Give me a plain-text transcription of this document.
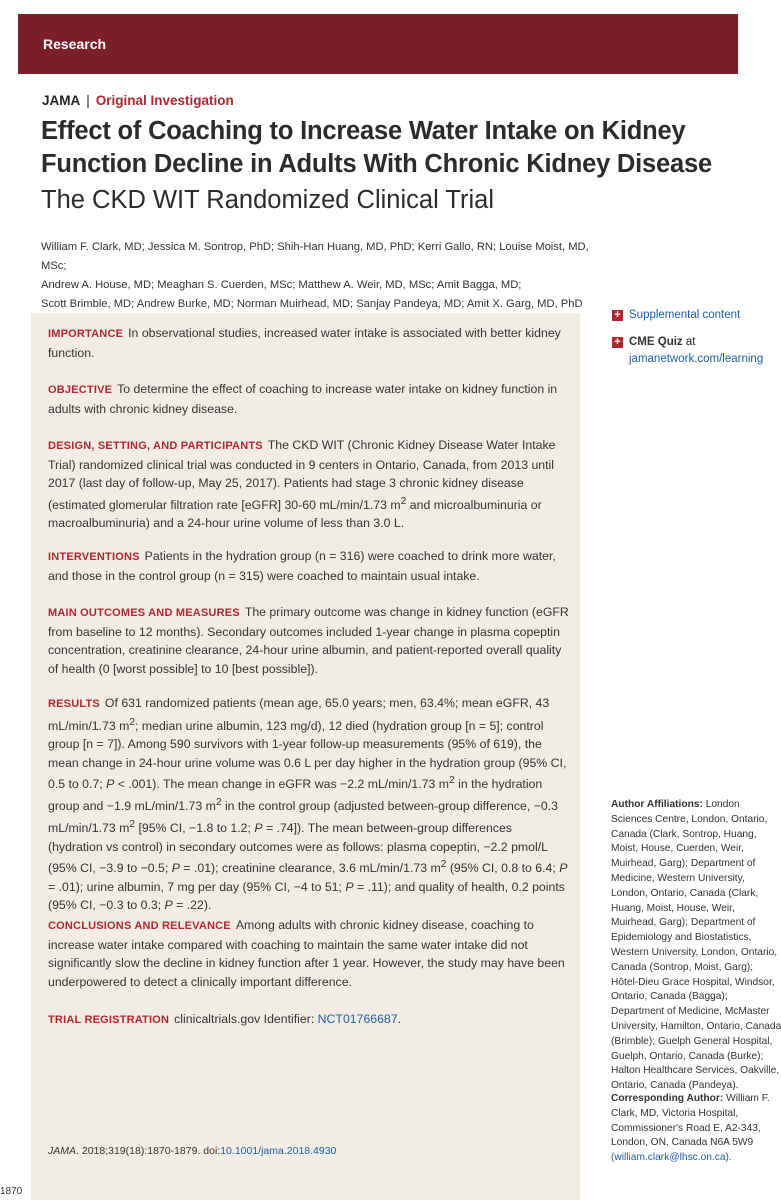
Research
JAMA | Original Investigation
Effect of Coaching to Increase Water Intake on Kidney Function Decline in Adults With Chronic Kidney Disease
The CKD WIT Randomized Clinical Trial
William F. Clark, MD; Jessica M. Sontrop, PhD; Shih-Han Huang, MD, PhD; Kerri Gallo, RN; Louise Moist, MD, MSc;
Andrew A. House, MD; Meaghan S. Cuerden, MSc; Matthew A. Weir, MD, MSc; Amit Bagga, MD;
Scott Brimble, MD; Andrew Burke, MD; Norman Muirhead, MD; Sanjay Pandeya, MD; Amit X. Garg, MD, PhD
IMPORTANCE In observational studies, increased water intake is associated with better kidney function.
OBJECTIVE To determine the effect of coaching to increase water intake on kidney function in adults with chronic kidney disease.
DESIGN, SETTING, AND PARTICIPANTS The CKD WIT (Chronic Kidney Disease Water Intake Trial) randomized clinical trial was conducted in 9 centers in Ontario, Canada, from 2013 until 2017 (last day of follow-up, May 25, 2017). Patients had stage 3 chronic kidney disease (estimated glomerular filtration rate [eGFR] 30-60 mL/min/1.73 $m^2$ and microalbuminuria or macroalbuminuria) and a 24-hour urine volume of less than 3.0 L.
INTERVENTIONS Patients in the hydration group (n = 316) were coached to drink more water, and those in the control group (n = 315) were coached to maintain usual intake.
MAIN OUTCOMES AND MEASURES The primary outcome was change in kidney function (eGFR from baseline to 12 months). Secondary outcomes included 1-year change in plasma copeptin concentration, creatinine clearance, 24-hour urine albumin, and patient-reported overall quality of health (0 [worst possible] to 10 [best possible]).
RESULTS Of 631 randomized patients (mean age, 65.0 years; men, 63.4%; mean eGFR, 43 mL/min/1.73 $m^2$; median urine albumin, 123 mg/d), 12 died (hydration group [n = 5]; control group [n = 7]). Among 590 survivors with 1-year follow-up measurements (95% of 619), the mean change in 24-hour urine volume was 0.6 L per day higher in the hydration group (95% CI, 0.5 to 0.7; P < .001). The mean change in eGFR was −2.2 mL/min/1.73 $m^2$ in the hydration group and −1.9 mL/min/1.73 $m^2$ in the control group (adjusted between-group difference, −0.3 mL/min/1.73 $m^2$ [95% CI, −1.8 to 1.2; P = .74]). The mean between-group differences (hydration vs control) in secondary outcomes were as follows: plasma copeptin, −2.2 pmol/L (95% CI, −3.9 to −0.5; P = .01); creatinine clearance, 3.6 mL/min/1.73 $m^2$ (95% CI, 0.8 to 6.4; P = .01); urine albumin, 7 mg per day (95% CI, −4 to 51; P = .11); and quality of health, 0.2 points (95% CI, −0.3 to 0.3; P = .22).
CONCLUSIONS AND RELEVANCE Among adults with chronic kidney disease, coaching to increase water intake compared with coaching to maintain the same water intake did not significantly slow the decline in kidney function after 1 year. However, the study may have been underpowered to detect a clinically important difference.
TRIAL REGISTRATION clinicaltrials.gov Identifier: NCT01766687.
JAMA. 2018;319(18):1870-1879. doi:10.1001/jama.2018.4930
+ Supplemental content
+ CME Quiz at
jamanetwork.com/learning
Author Affiliations: London
Sciences Centre, London, Ontario,
Canada (Clark, Sontrop, Huang,
Moist, House, Cuerden, Weir,
Muirhead, Garg); Department of
Medicine, Western University,
London, Ontario, Canada (Clark,
Huang, Moist, House, Weir,
Muirhead, Garg); Department of
Epidemiology and Biostatistics,
Western University, London, Ontario,
Canada (Sontrop, Moist, Garg);
Hôtel-Dieu Grace Hospital, Windsor,
Ontario, Canada (Bagga);
Department of Medicine, McMaster
University, Hamilton, Ontario, Canada
(Brimble); Guelph General Hospital,
Guelph, Ontario, Canada (Burke);
Halton Healthcare Services, Oakville,
Ontario, Canada (Pandeya).
Corresponding Author: William F.
Clark, MD, Victoria Hospital,
Commissioner's Road E, A2-343,
London, ON, Canada N6A 5W9
(william.clark@lhsc.on.ca).
1870
